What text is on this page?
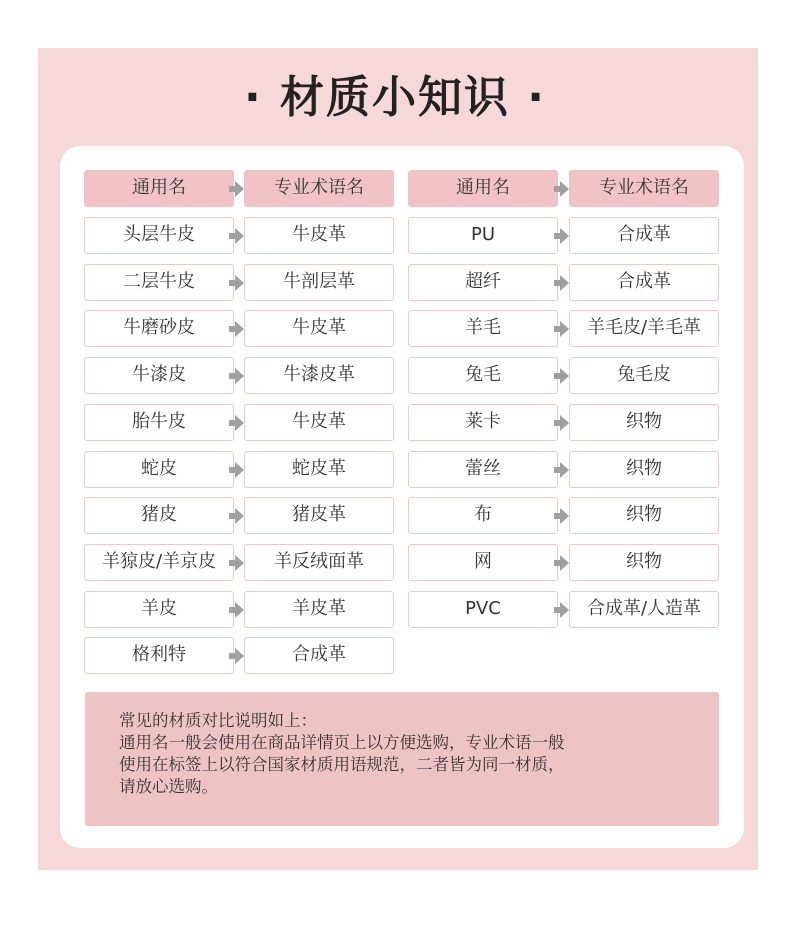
· 材质小知识 ·
通用名	专业术语名
头层牛皮	牛皮革
二层牛皮	牛剖层革
牛磨砂皮	牛皮革
牛漆皮	牛漆皮革
胎牛皮	牛皮革
蛇皮	蛇皮革
猪皮	猪皮革
羊猄皮/羊京皮	羊反绒面革
羊皮	羊皮革
格利特	合成革
通用名	专业术语名
PU	合成革
超纤	合成革
羊毛	羊毛皮/羊毛革
兔毛	兔毛皮
莱卡	织物
蕾丝	织物
布	织物
网	织物
PVC	合成革/人造革
常见的材质对比说明如上：
通用名一般会使用在商品详情页上以方便选购，专业术语一般
使用在标签上以符合国家材质用语规范，二者皆为同一材质，
请放心选购。
